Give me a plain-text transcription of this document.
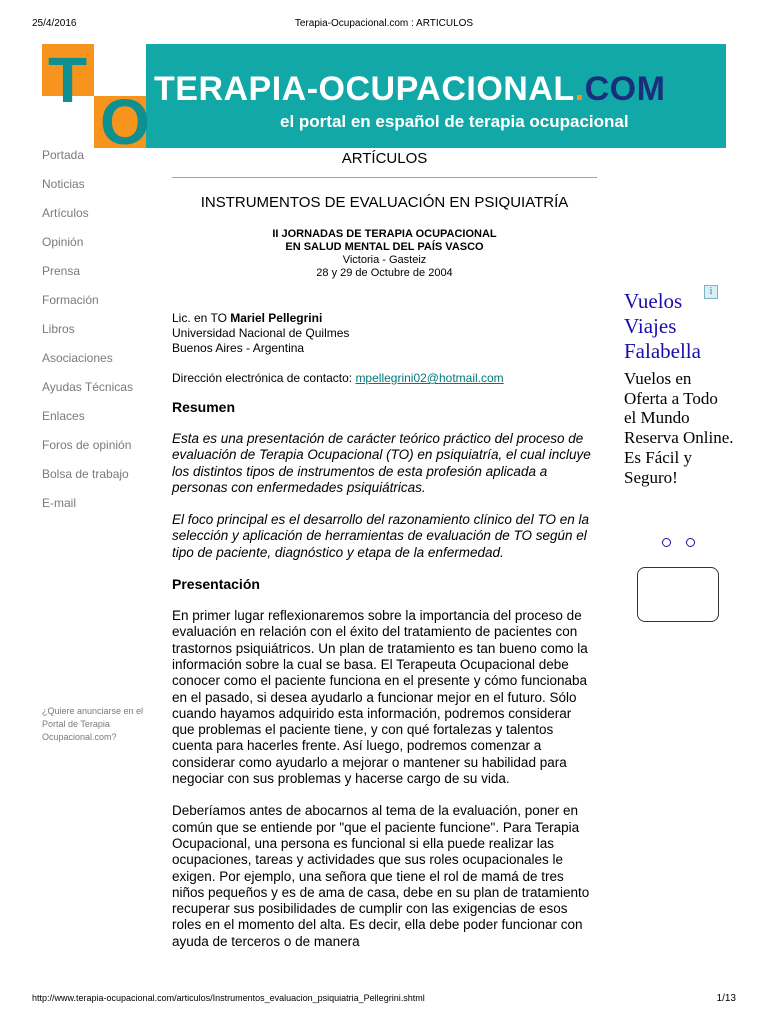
25/4/2016	Terapia-Ocupacional.com : ARTICULOS
T
O TERAPIA-OCUPACIONAL.COM
el portal en español de terapia ocupacional
Portada
Noticias
Artículos
Opinión
Prensa
Formación
Libros
Asociaciones
Ayudas Técnicas
Enlaces
Foros de opinión
Bolsa de trabajo
E-mail
¿Quiere anunciarse en el Portal de Terapia Ocupacional.com?
ARTÍCULOS
INSTRUMENTOS DE EVALUACIÓN EN PSIQUIATRÍA
II JORNADAS DE TERAPIA OCUPACIONAL
EN SALUD MENTAL DEL PAÍS VASCO
Victoria - Gasteiz
28 y 29 de Octubre de 2004
Lic. en TO Mariel Pellegrini
Universidad Nacional de Quilmes
Buenos Aires - Argentina
Dirección electrónica de contacto: mpellegrini02@hotmail.com
Resumen

Esta es una presentación de carácter teórico práctico del proceso de evaluación de Terapia Ocupacional (TO) en psiquiatría, el cual incluye los distintos tipos de instrumentos de esta profesión aplicada a personas con enfermedades psiquiátricas.

El foco principal es el desarrollo del razonamiento clínico del TO en la selección y aplicación de herramientas de evaluación de TO según el tipo de paciente, diagnóstico y etapa de la enfermedad.

Presentación

En primer lugar reflexionaremos sobre la importancia del proceso de evaluación en relación con el éxito del tratamiento de pacientes con trastornos psiquiátricos. Un plan de tratamiento es tan bueno como la información sobre la cual se basa. El Terapeuta Ocupacional debe conocer como el paciente funciona en el presente y cómo funcionaba en el pasado, si desea ayudarlo a funcionar mejor en el futuro. Sólo cuando hayamos adquirido esta información, podremos considerar que problemas el paciente tiene, y con qué fortalezas y talentos cuenta para hacerles frente. Así luego, podremos comenzar a considerar como ayudarlo a mejorar o mantener su habilidad para negociar con sus problemas y hacerse cargo de su vida.

Deberíamos antes de abocarnos al tema de la evaluación, poner en común que se entiende por "que el paciente funcione". Para Terapia Ocupacional, una persona es funcional si ella puede realizar las ocupaciones, tareas y actividades que sus roles ocupacionales le exigen. Por ejemplo, una señora que tiene el rol de mamá de tres niños pequeños y es de ama de casa, debe en su plan de tratamiento recuperar sus posibilidades de cumplir con las exigencias de esos roles en el momento del alta. Es decir, ella debe poder funcionar con ayuda de terceros o de manera

i
Vuelos Viajes Falabella
Vuelos en Oferta a Todo el Mundo Reserva Online. Es Fácil y Seguro!
http://www.terapia-ocupacional.com/articulos/Instrumentos_evaluacion_psiquiatria_Pellegrini.shtml	1/13
